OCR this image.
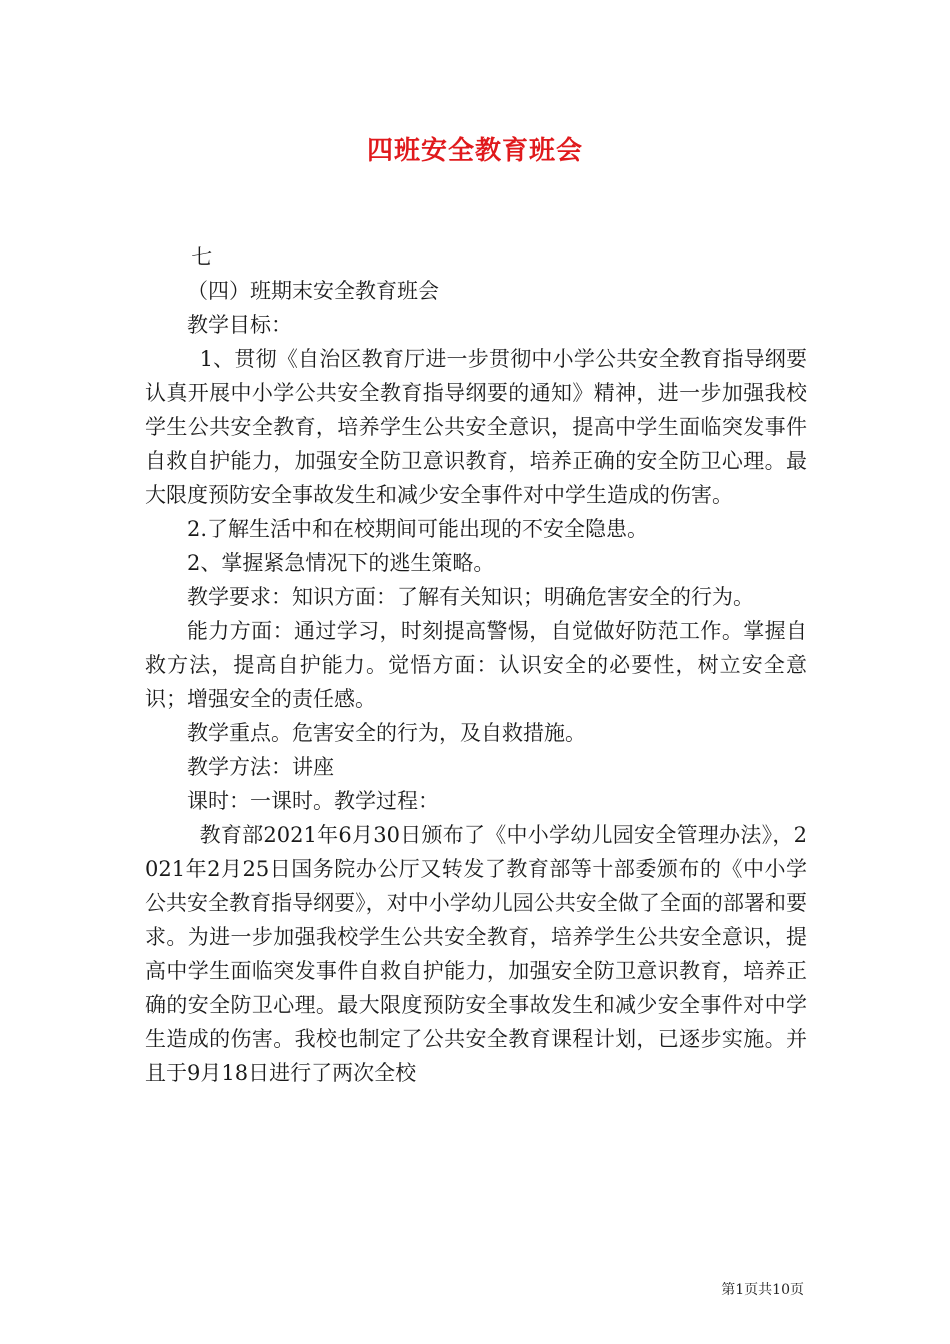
四班安全教育班会

七

（四）班期末安全教育班会

教学目标：

1、贯彻《自治区教育厅进一步贯彻中小学公共安全教育指导纲要认真开展中小学公共安全教育指导纲要的通知》精神，进一步加强我校学生公共安全教育，培养学生公共安全意识，提高中学生面临突发事件自救自护能力，加强安全防卫意识教育，培养正确的安全防卫心理。最大限度预防安全事故发生和减少安全事件对中学生造成的伤害。

2.了解生活中和在校期间可能出现的不安全隐患。

2、掌握紧急情况下的逃生策略。

教学要求：知识方面：了解有关知识；明确危害安全的行为。

能力方面：通过学习，时刻提高警惕，自觉做好防范工作。掌握自救方法，提高自护能力。觉悟方面：认识安全的必要性，树立安全意识；增强安全的责任感。

教学重点。危害安全的行为，及自救措施。

教学方法：讲座

课时：一课时。教学过程：

教育部2021年6月30日颁布了《中小学幼儿园安全管理办法》，2021年2月25日国务院办公厅又转发了教育部等十部委颁布的《中小学公共安全教育指导纲要》，对中小学幼儿园公共安全做了全面的部署和要求。为进一步加强我校学生公共安全教育，培养学生公共安全意识，提高中学生面临突发事件自救自护能力，加强安全防卫意识教育，培养正确的安全防卫心理。最大限度预防安全事故发生和减少安全事件对中学生造成的伤害。我校也制定了公共安全教育课程计划，已逐步实施。并且于9月18日进行了两次全校

第1页共10页
